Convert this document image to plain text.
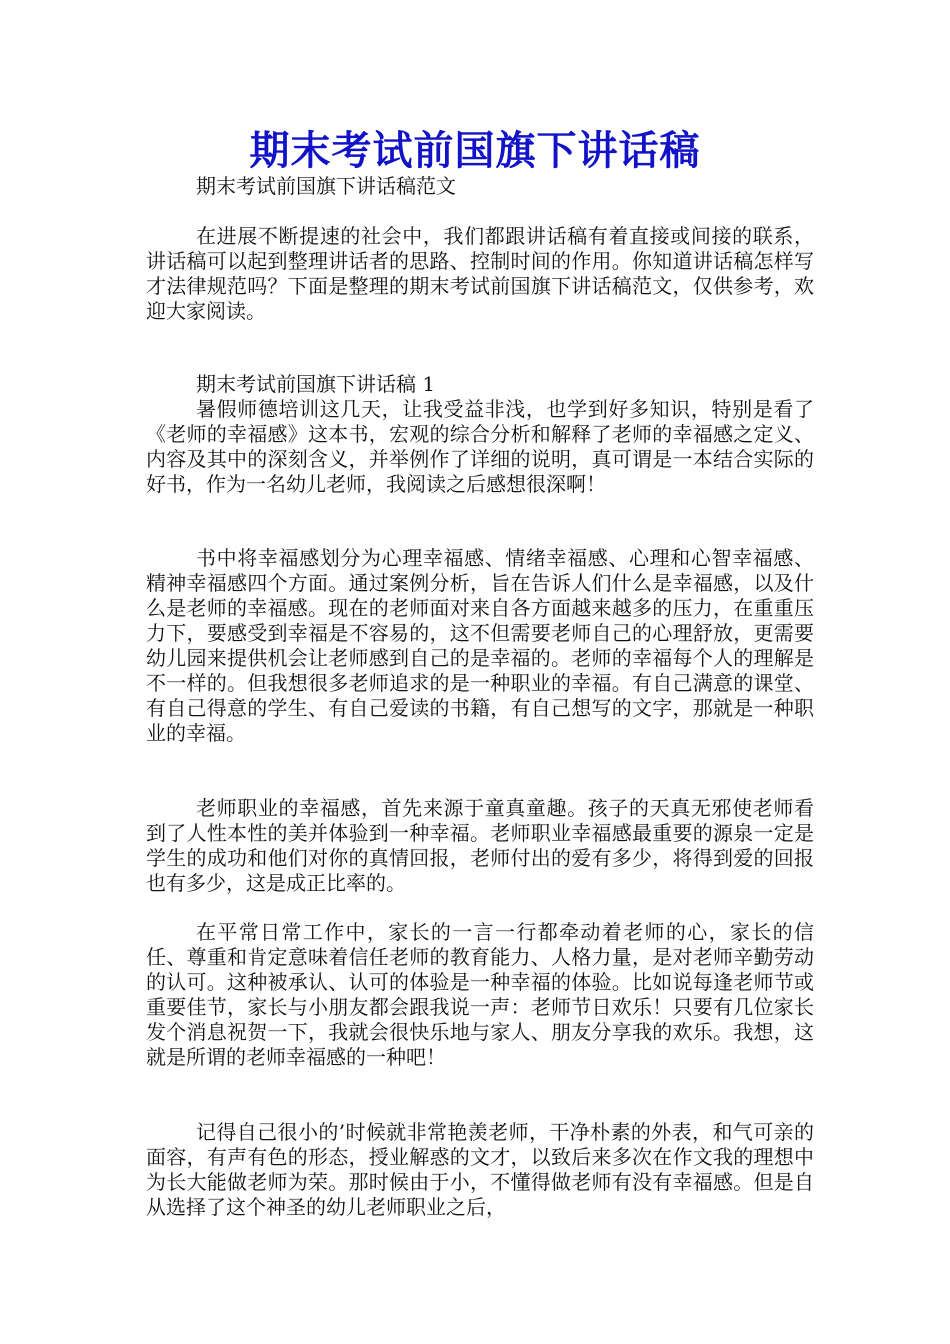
期末考试前国旗下讲话稿
期末考试前国旗下讲话稿范文

在进展不断提速的社会中，我们都跟讲话稿有着直接或间接的联系，讲话稿可以起到整理讲话者的思路、控制时间的作用。你知道讲话稿怎样写才法律规范吗？下面是整理的期末考试前国旗下讲话稿范文，仅供参考，欢迎大家阅读。

期末考试前国旗下讲话稿 1

暑假师德培训这几天，让我受益非浅，也学到好多知识，特别是看了《老师的幸福感》这本书，宏观的综合分析和解释了老师的幸福感之定义、内容及其中的深刻含义，并举例作了详细的说明，真可谓是一本结合实际的好书，作为一名幼儿老师，我阅读之后感想很深啊！

书中将幸福感划分为心理幸福感、情绪幸福感、心理和心智幸福感、精神幸福感四个方面。通过案例分析，旨在告诉人们什么是幸福感，以及什么是老师的幸福感。现在的老师面对来自各方面越来越多的压力，在重重压力下，要感受到幸福是不容易的，这不但需要老师自己的心理舒放，更需要幼儿园来提供机会让老师感到自己的是幸福的。老师的幸福每个人的理解是不一样的。但我想很多老师追求的是一种职业的幸福。有自己满意的课堂、有自己得意的学生、有自己爱读的书籍，有自己想写的文字，那就是一种职业的幸福。

老师职业的幸福感，首先来源于童真童趣。孩子的天真无邪使老师看到了人性本性的美并体验到一种幸福。老师职业幸福感最重要的源泉一定是学生的成功和他们对你的真情回报，老师付出的爱有多少，将得到爱的回报也有多少，这是成正比率的。

在平常日常工作中，家长的一言一行都牵动着老师的心，家长的信任、尊重和肯定意味着信任老师的教育能力、人格力量，是对老师辛勤劳动的认可。这种被承认、认可的体验是一种幸福的体验。比如说每逢老师节或重要佳节，家长与小朋友都会跟我说一声：老师节日欢乐！只要有几位家长发个消息祝贺一下，我就会很快乐地与家人、朋友分享我的欢乐。我想，这就是所谓的老师幸福感的一种吧！

记得自己很小的’时候就非常艳羡老师，干净朴素的外表，和气可亲的面容，有声有色的形态，授业解惑的文才，以致后来多次在作文我的理想中为长大能做老师为荣。那时候由于小，不懂得做老师有没有幸福感。但是自从选择了这个神圣的幼儿老师职业之后，
